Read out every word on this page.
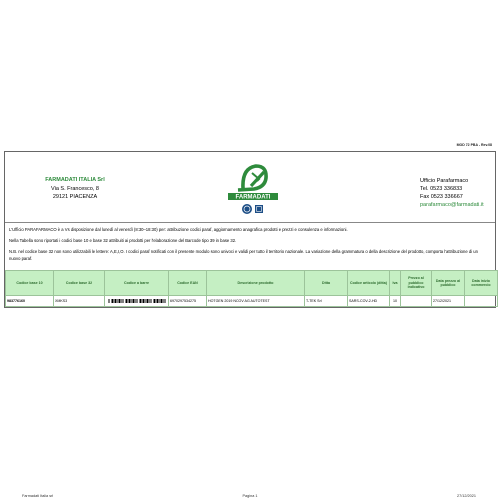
MOD 72 PBA - Rev.08
FARMADATI ITALIA Srl
Via S. Francesco, 8
29121 PIACENZA	FARMADATI
Ufficio Parafarmaco
Tel. 0523 336833
Fax 0523 336667
parafarmaco@farmadati.it

L'Ufficio PARAFARMACO è a Vs disposizione dal lunedì al venerdì (8:30–18:30) per: attribuzione codici paraf, aggiornamento anagrafica prodotti e prezzi e consulenza e informazioni.

Nella Tabella sono riportati i codici base 10 e base 32 attribuiti ai prodotti per l'elaborazione del Barcode tipo 39 in base 32.

N.B. nel codice base 32 non sono utilizzabili le lettere: A,E,I,O. I codici paraf notificati con il presente modulo sono univoci e validi per tutto il territorio nazionale. La variazione della grammatura o della descrizione del prodotto, comporta l'attribuzione di un nuovo paraf.

Codice base 10	Codice base 32	Codice a barre	Codice EAN	Descrizione prodotto	Ditta	Codice articolo (ditta)	Iva	Prezzo al pubblico indicativo	Data prezzo al pubblico	Data inizio commercio
983776160	XMKS3		6970297534275	HOTGEN 2019 NCOV AG AUTOTEST	T-TEK Srl	SARS-COV-2-HD	10		27/12/2021	
Farmadati Italia srl	Pagina 1	27/12/2021
